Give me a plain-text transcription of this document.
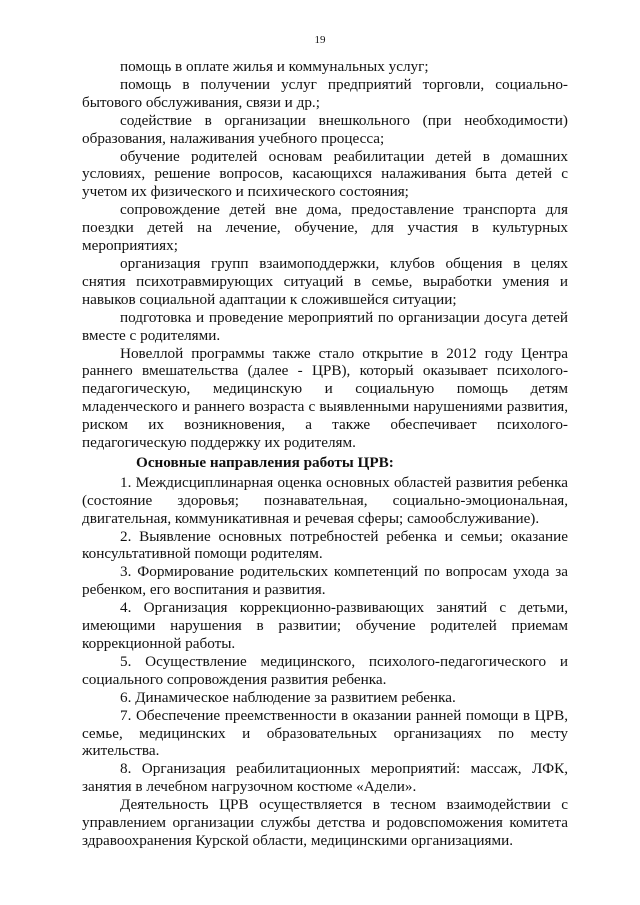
19

помощь в оплате жилья и коммунальных услуг;

помощь в получении услуг предприятий торговли, социально-бытового обслуживания, связи и др.;

содействие в организации внешкольного (при необходимости) образования, налаживания учебного процесса;

обучение родителей основам реабилитации детей в домашних условиях, решение вопросов, касающихся налаживания быта детей с учетом их физического и психического состояния;

сопровождение детей вне дома, предоставление транспорта для поездки детей на лечение, обучение, для участия в культурных мероприятиях;

организация групп взаимоподдержки, клубов общения в целях снятия психотравмирующих ситуаций в семье, выработки умения и навыков социальной адаптации к сложившейся ситуации;

подготовка и проведение мероприятий по организации досуга детей вместе с родителями.

Новеллой программы также стало открытие в 2012 году Центра раннего вмешательства (далее - ЦРВ), который оказывает психолого-педагогическую, медицинскую и социальную помощь детям младенческого и раннего возраста с выявленными нарушениями развития, риском их возникновения, а также обеспечивает психолого-педагогическую поддержку их родителям.

Основные направления работы ЦРВ:

1. Междисциплинарная оценка основных областей развития ребенка (состояние здоровья; познавательная, социально-эмоциональная, двигательная, коммуникативная и речевая сферы; самообслуживание).

2. Выявление основных потребностей ребенка и семьи; оказание консультативной помощи родителям.

3. Формирование родительских компетенций по вопросам ухода за ребенком, его воспитания и развития.

4. Организация коррекционно-развивающих занятий с детьми, имеющими нарушения в развитии; обучение родителей приемам коррекционной работы.

5. Осуществление медицинского, психолого-педагогического и социального сопровождения развития ребенка.

6. Динамическое наблюдение за развитием ребенка.

7. Обеспечение преемственности в оказании ранней помощи в ЦРВ, семье, медицинских и образовательных организациях по месту жительства.

8. Организация реабилитационных мероприятий: массаж, ЛФК, занятия в лечебном нагрузочном костюме «Адели».

Деятельность ЦРВ осуществляется в тесном взаимодействии с управлением организации службы детства и родовспоможения комитета здравоохранения Курской области, медицинскими организациями.
